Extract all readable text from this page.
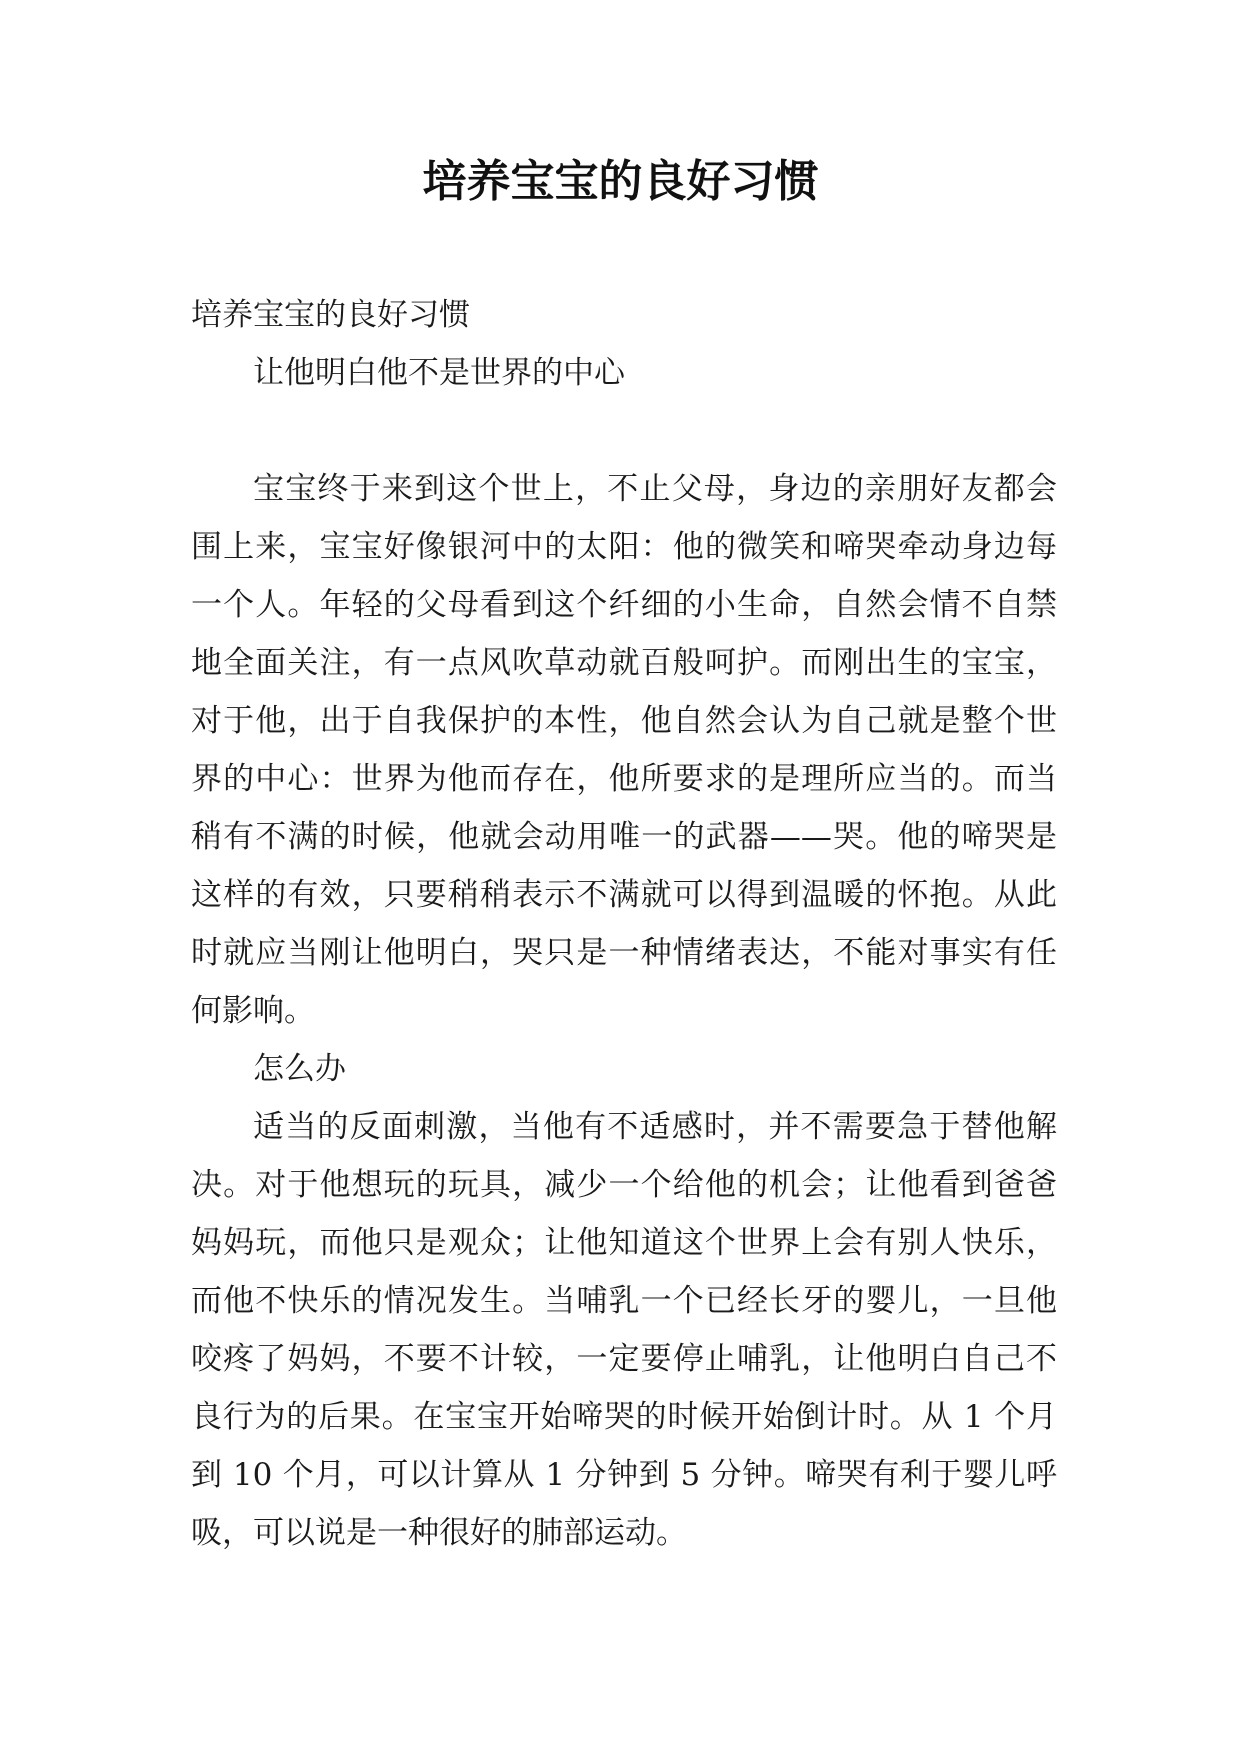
培养宝宝的良好习惯

培养宝宝的良好习惯

让他明白他不是世界的中心

宝宝终于来到这个世上，不止父母，身边的亲朋好友都会围上来，宝宝好像银河中的太阳：他的微笑和啼哭牵动身边每一个人。年轻的父母看到这个纤细的小生命，自然会情不自禁地全面关注，有一点风吹草动就百般呵护。而刚出生的宝宝，对于他，出于自我保护的本性，他自然会认为自己就是整个世界的中心：世界为他而存在，他所要求的是理所应当的。而当稍有不满的时候，他就会动用唯一的武器——哭。他的啼哭是这样的有效，只要稍稍表示不满就可以得到温暖的怀抱。从此时就应当刚让他明白，哭只是一种情绪表达，不能对事实有任何影响。

怎么办

适当的反面刺激，当他有不适感时，并不需要急于替他解决。对于他想玩的玩具，减少一个给他的机会；让他看到爸爸妈妈玩，而他只是观众；让他知道这个世界上会有别人快乐，而他不快乐的情况发生。当哺乳一个已经长牙的婴儿，一旦他咬疼了妈妈，不要不计较，一定要停止哺乳，让他明白自己不良行为的后果。在宝宝开始啼哭的时候开始倒计时。从 1 个月到 10 个月，可以计算从 1 分钟到 5 分钟。啼哭有利于婴儿呼吸，可以说是一种很好的肺部运动。
